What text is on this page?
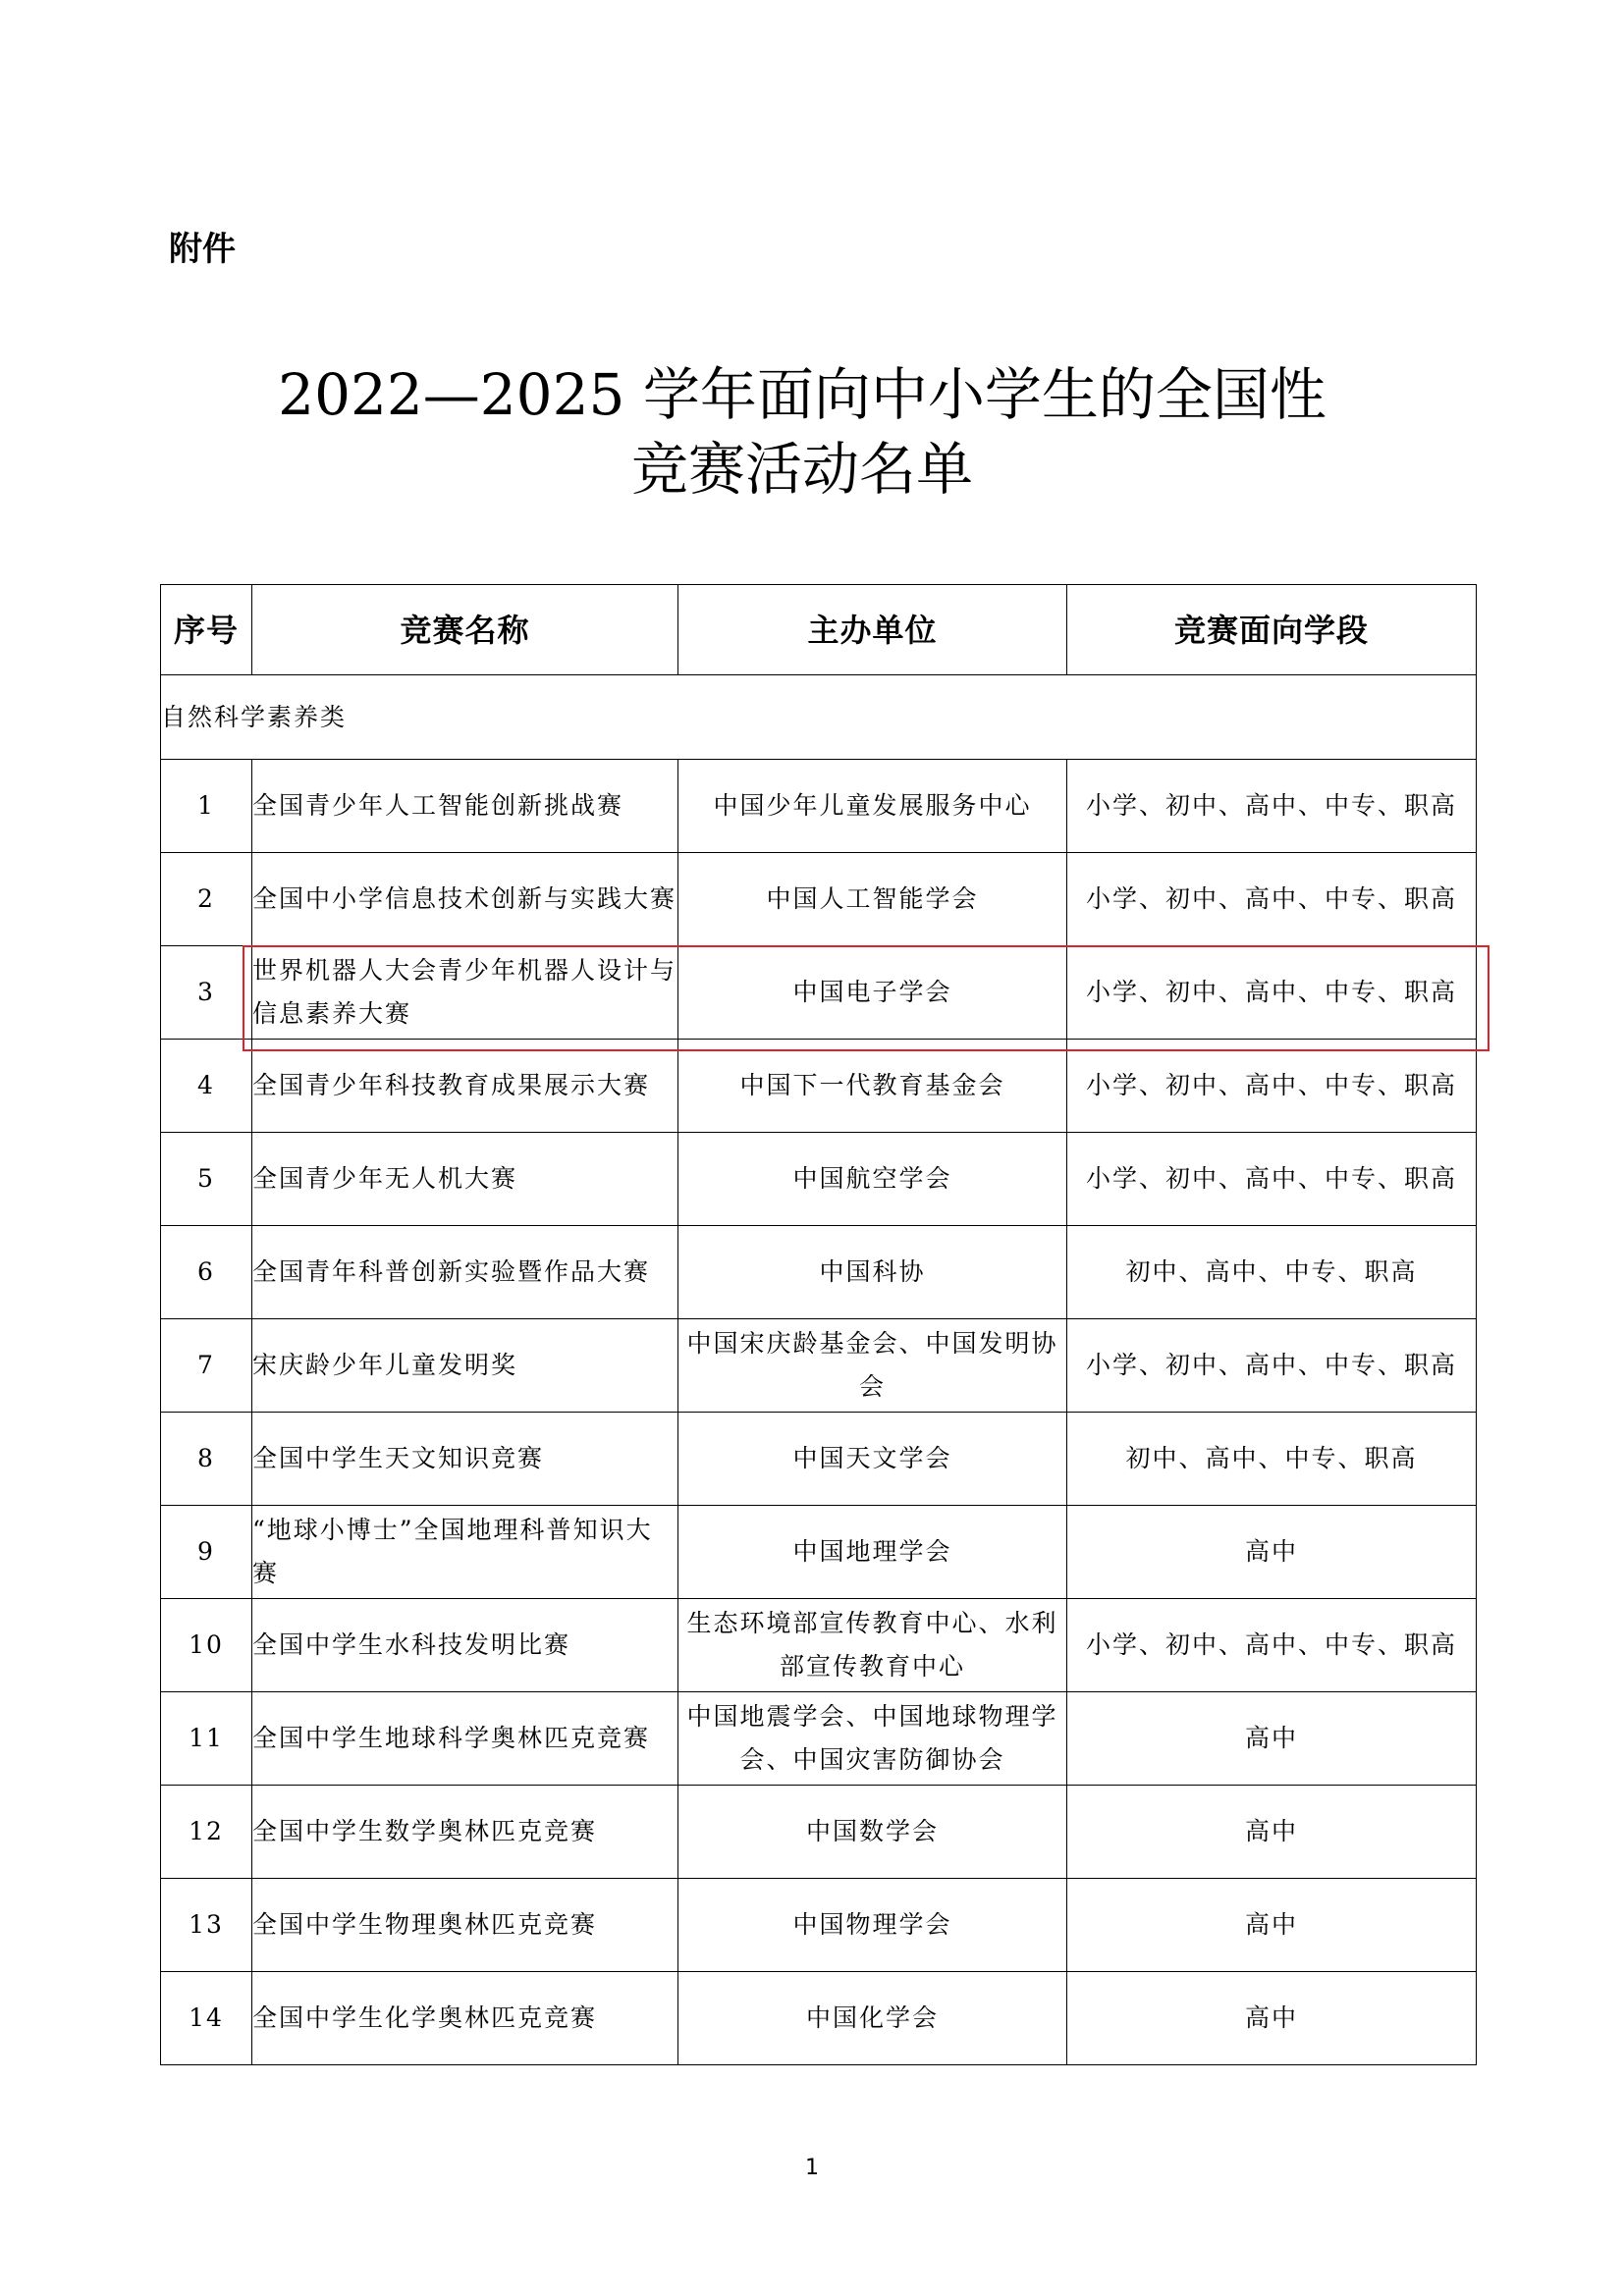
附件
2022—2025 学年面向中小学生的全国性
竞赛活动名单
序号	竞赛名称	主办单位	竞赛面向学段
自然科学素养类			
1	全国青少年人工智能创新挑战赛	中国少年儿童发展服务中心	小学、初中、高中、中专、职高
2	全国中小学信息技术创新与实践大赛	中国人工智能学会	小学、初中、高中、中专、职高
3	世界机器人大会青少年机器人设计与信息素养大赛	中国电子学会	小学、初中、高中、中专、职高
4	全国青少年科技教育成果展示大赛	中国下一代教育基金会	小学、初中、高中、中专、职高
5	全国青少年无人机大赛	中国航空学会	小学、初中、高中、中专、职高
6	全国青年科普创新实验暨作品大赛	中国科协	初中、高中、中专、职高
7	宋庆龄少年儿童发明奖	中国宋庆龄基金会、中国发明协会	小学、初中、高中、中专、职高
8	全国中学生天文知识竞赛	中国天文学会	初中、高中、中专、职高
9	“地球小博士”全国地理科普知识大赛	中国地理学会	高中
10	全国中学生水科技发明比赛	生态环境部宣传教育中心、水利部宣传教育中心	小学、初中、高中、中专、职高
11	全国中学生地球科学奥林匹克竞赛	中国地震学会、中国地球物理学会、中国灾害防御协会	高中
12	全国中学生数学奥林匹克竞赛	中国数学会	高中
13	全国中学生物理奥林匹克竞赛	中国物理学会	高中
14	全国中学生化学奥林匹克竞赛	中国化学会	高中
1
